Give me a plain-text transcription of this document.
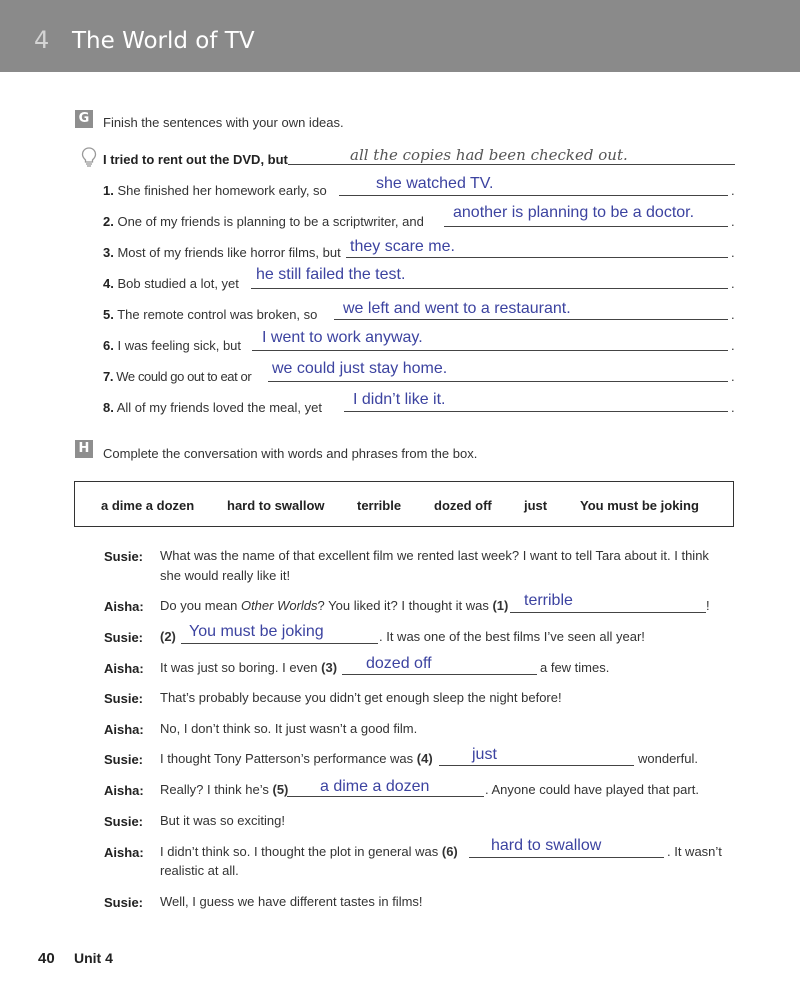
4 The World of TV
G Finish the sentences with your own ideas.
I tried to rent out the DVD, but	all the copies had been checked out.
1. She finished her homework early, so	she watched TV.	.
2. One of my friends is planning to be a scriptwriter, and
another is planning to be a doctor.
.
3. Most of my friends like horror films, but they scare me.	.
4. Bob studied a lot, yet
he still failed the test.
.
5. The remote control was broken, so we left and went to a restaurant.	.
6. I was feeling sick, but I went to work anyway.	.
7. We could go out to eat or we could just stay home.	.
8. All of my friends loved the meal, yet I didn’t like it.	.
H Complete the conversation with words and phrases from the box.
a dime a dozen	hard to swallow terrible	dozed off just	You must be joking
Susie: What was the name of that excellent film we rented last week? I want to tell Tara about it. I think
she would really like it!
Aisha: Do you mean Other Worlds? You liked it? I thought it was (1) terrible	!
Susie: (2) You must be joking	. It was one of the best films I’ve seen all year!
Aisha: It was just so boring. I even (3) dozed off	a few times.
Susie: That’s probably because you didn’t get enough sleep the night before!
Aisha: No, I don’t think so. It just wasn’t a good film.
Susie: I thought Tony Patterson’s performance was (4) just	wonderful.
Aisha: Really? I think he’s (5) a dime a dozen	. Anyone could have played that part.
Susie: But it was so exciting!
Aisha: I didn’t think so. I thought the plot in general was (6) hard to swallow	. It wasn’t
realistic at all.
Susie: Well, I guess we have different tastes in films!
40 Unit 4
